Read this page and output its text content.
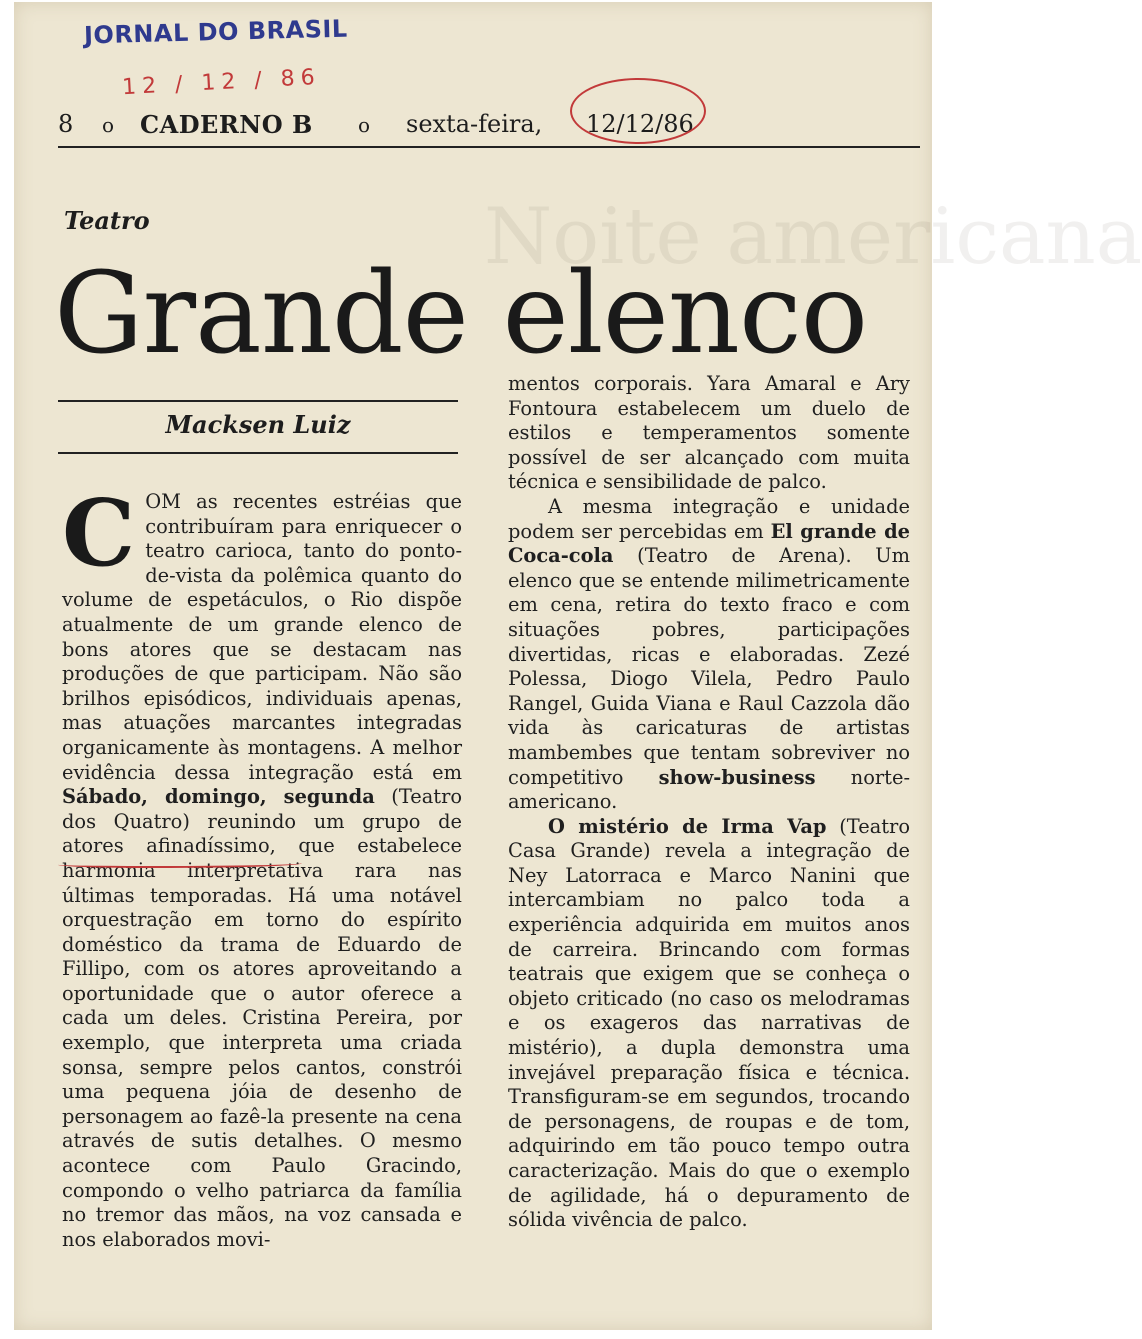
Noite americana
JORNAL DO BRASIL
12 / 12 / 86
8 o CADERNO B o sexta-feira, 12/12/86
Teatro
Grande elenco

Macksen Luiz

COM as recentes estréias que contribuíram para enriquecer o teatro carioca, tanto do ponto-de-vista da polêmica quanto do volume de espetáculos, o Rio dispõe atualmente de um grande elenco de bons atores que se destacam nas produções de que participam. Não são brilhos episódicos, individuais apenas, mas atuações marcantes integradas organicamente às montagens. A melhor evidência dessa integração está em Sábado, domingo, segunda (Teatro dos Quatro) reunindo um grupo de atores afinadíssimo, que estabelece harmonia interpretativa rara nas últimas temporadas. Há uma notável orquestração em torno do espírito doméstico da trama de Eduardo de Fillipo, com os atores aproveitando a oportunidade que o autor oferece a cada um deles. Cristina Pereira, por exemplo, que interpreta uma criada sonsa, sempre pelos cantos, constrói uma pequena jóia de desenho de personagem ao fazê-la presente na cena através de sutis detalhes. O mesmo acontece com Paulo Gracindo, compondo o velho patriarca da família no tremor das mãos, na voz cansada e nos elaborados movi-

mentos corporais. Yara Amaral e Ary Fontoura estabelecem um duelo de estilos e temperamentos somente possível de ser alcançado com muita técnica e sensibilidade de palco.

A mesma integração e unidade podem ser percebidas em El grande de Coca-cola (Teatro de Arena). Um elenco que se entende milimetricamente em cena, retira do texto fraco e com situações pobres, participações divertidas, ricas e elaboradas. Zezé Polessa, Diogo Vilela, Pedro Paulo Rangel, Guida Viana e Raul Cazzola dão vida às caricaturas de artistas mambembes que tentam sobreviver no competitivo show-business norte-americano.

O mistério de Irma Vap (Teatro Casa Grande) revela a integração de Ney Latorraca e Marco Nanini que intercambiam no palco toda a experiência adquirida em muitos anos de carreira. Brincando com formas teatrais que exigem que se conheça o objeto criticado (no caso os melodramas e os exageros das narrativas de mistério), a dupla demonstra uma invejável preparação física e técnica. Transfiguram-se em segundos, trocando de personagens, de roupas e de tom, adquirindo em tão pouco tempo outra caracterização. Mais do que o exemplo de agilidade, há o depuramento de sólida vivência de palco.
